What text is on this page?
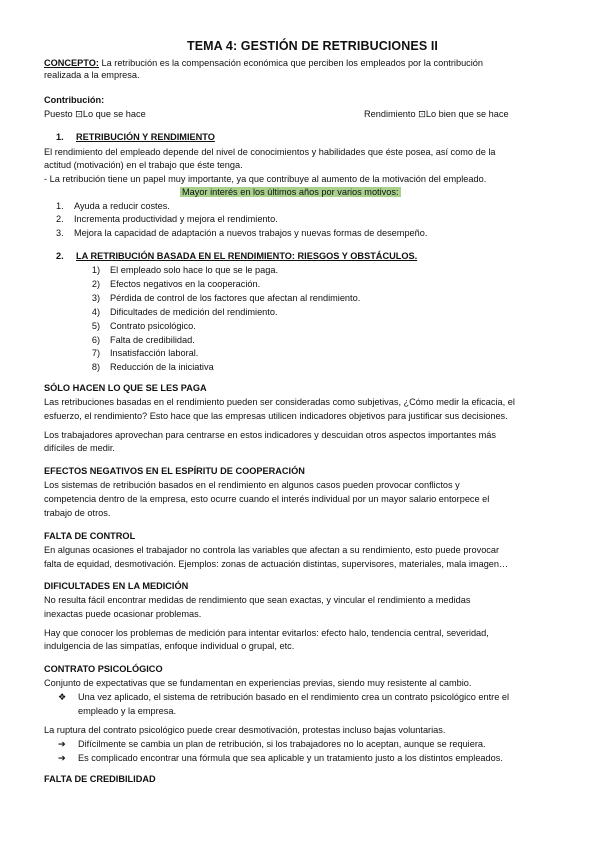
TEMA 4: GESTIÓN DE RETRIBUCIONES II
CONCEPTO: La retribución es la compensación económica que perciben los empleados por la contribución
realizada a la empresa.
Contribución:
Puesto ⊡Lo que se hace	Rendimiento ⊡Lo bien que se hace
1. RETRIBUCIÓN Y RENDIMIENTO
El rendimiento del empleado depende del nivel de conocimientos y habilidades que éste posea, así como de la
actitud (motivación) en el trabajo que éste tenga.
- La retribución tiene un papel muy importante, ya que contribuye al aumento de la motivación del empleado.
Mayor interés en los últimos años por varios motivos:
1. Ayuda a reducir costes.
2. Incrementa productividad y mejora el rendimiento.
3. Mejora la capacidad de adaptación a nuevos trabajos y nuevas formas de desempeño.
2. LA RETRIBUCIÓN BASADA EN EL RENDIMIENTO: RIESGOS Y OBSTÁCULOS.
1) El empleado solo hace lo que se le paga.
2) Efectos negativos en la cooperación.
3) Pérdida de control de los factores que afectan al rendimiento.
4) Dificultades de medición del rendimiento.
5) Contrato psicológico.
6) Falta de credibilidad.
7) Insatisfacción laboral.
8) Reducción de la iniciativa
SÓLO HACEN LO QUE SE LES PAGA
Las retribuciones basadas en el rendimiento pueden ser consideradas como subjetivas, ¿Cómo medir la eficacia, el
esfuerzo, el rendimiento? Esto hace que las empresas utilicen indicadores objetivos para justificar sus decisiones.
Los trabajadores aprovechan para centrarse en estos indicadores y descuidan otros aspectos importantes más
difíciles de medir.
EFECTOS NEGATIVOS EN EL ESPÍRITU DE COOPERACIÓN
Los sistemas de retribución basados en el rendimiento en algunos casos pueden provocar conflictos y
competencia dentro de la empresa, esto ocurre cuando el interés individual por un mayor salario entorpece el
trabajo de otros.
FALTA DE CONTROL
En algunas ocasiones el trabajador no controla las variables que afectan a su rendimiento, esto puede provocar
falta de equidad, desmotivación. Ejemplos: zonas de actuación distintas, supervisores, materiales, mala imagen…
DIFICULTADES EN LA MEDICIÓN
No resulta fácil encontrar medidas de rendimiento que sean exactas, y vincular el rendimiento a medidas
inexactas puede ocasionar problemas.
Hay que conocer los problemas de medición para intentar evitarlos: efecto halo, tendencia central, severidad,
indulgencia de las simpatías, enfoque individual o grupal, etc.
CONTRATO PSICOLÓGICO
Conjunto de expectativas que se fundamentan en experiencias previas, siendo muy resistente al cambio.
❖ Una vez aplicado, el sistema de retribución basado en el rendimiento crea un contrato psicológico entre el
empleado y la empresa.
La ruptura del contrato psicológico puede crear desmotivación, protestas incluso bajas voluntarias.
➔ Difícilmente se cambia un plan de retribución, si los trabajadores no lo aceptan, aunque se requiera.
➔ Es complicado encontrar una fórmula que sea aplicable y un tratamiento justo a los distintos empleados.
FALTA DE CREDIBILIDAD
